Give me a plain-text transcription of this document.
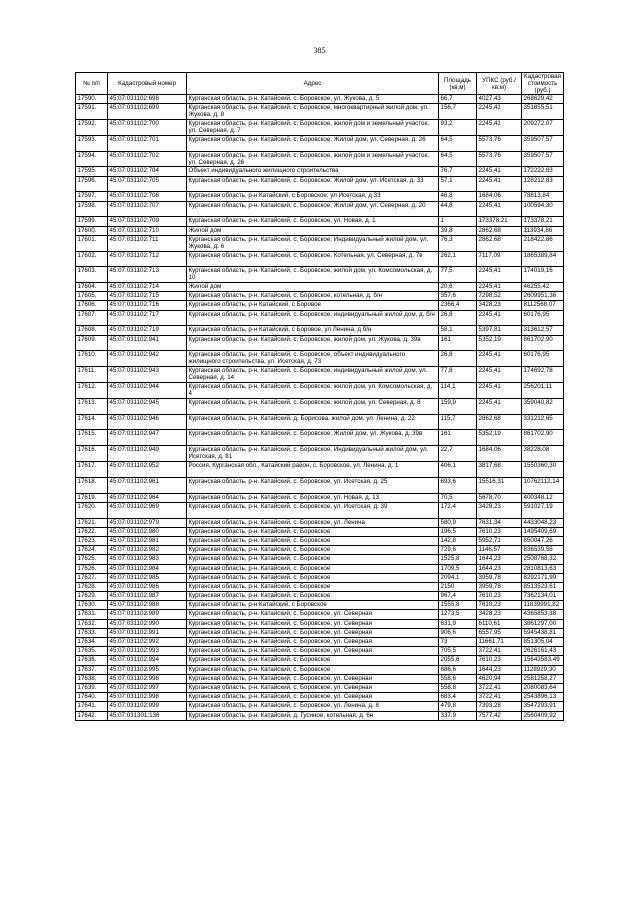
385
№ п/п	Кадастровый номер	Адрес	Площадь (кв.м)	УПКС (руб./кв.м)	Кадастровая стоимость (руб.)
17590.	45:07:031102:698	Курганская область, р-н. Катайский, с. Боровское, ул. Жукова, д. 5	66,7	4027,43	268629,42
17591.	45:07:031102:699	Курганская область, р-н. Катайский, с. Боровское, многоквартирный жилой дом, ул. Жукова, д. 8	156,7	2245,41	351855,51
17592.	45:07:031102:700	Курганская область, р-н. Катайский, с. Боровское, жилой дом и земельный участок, ул. Северная, д. 7	93,2	2245,41	209272,07
17593.	45:07:031102:701	Курганская область, р-н. Катайский, с. Боровское, Жилой дом, ул. Северная, д. 26	64,5	5573,76	359507,57
17594.	45:07:031102:702	Курганская область, р-н. Катайский, с. Боровское, жилой дом и земельный участок, ул. Северная, д. 26	64,5	5573,76	359507,57
17595.	45:07:031102:704	Объект индивидуального жилищного строительства	76,7	2245,41	172222,83
17596.	45:07:031102:705	Курганская область, р-н. Катайский, с. Боровское, Жилой дом, ул. Исетская, д. 33	57,1	2245,41	128212,83
17597.	45:07:031102:706	Курганская область, р-н Катайский, с Боровское, ул Исетская, д 33	46,8	1684,06	78813,84
17598.	45:07:031102:707	Курганская область, р-н. Катайский, с. Боровское, Жилой дом, ул. Северная, д. 20	44,8	2245,41	100594,30
17599.	45:07:031102:709	Курганская область, р-н. Катайский, с. Боровское, ул. Новая, д. 1	1	173378,21	173378,21
17600.	45:07:031102:710	Жилой дом	39,8	2862,68	113934,86
17601.	45:07:031102:711	Курганская область, р-н. Катайский, с. Боровское, Индивидуальный жилой дом, ул. Жукова, д. 6	76,3	2862,68	218422,86
17602.	45:07:031102:712	Курганская область, р-н. Катайский, с. Боровское, Котельная, ул. Северная, д. 7в	262,1	7117,09	1865389,84
17603.	45:07:031102:713	Курганская область, р-н. Катайский, с. Боровское, жилой дом, ул. Комсомольская, д. 10	77,5	2245,41	174019,16
17604.	45:07:031102:714	Жилой дом	20,6	2245,41	46255,42
17605.	45:07:031102:715	Курганская область, р-н. Катайский, с. Боровское, котельная, д. б/н	357,6	7298,52	2609951,36
17606.	45:07:031102:716	Курганская область, р-н Катайский, с Боровое	2366,4	3428,23	8112568,07
17607.	45:07:031102:717	Курганская область, р-н. Катайский, с. Боровское, индивидуальный жилой дом, д. б/н	26,8	2245,41	60176,95
17608.	45:07:031102:719	Курганская область, р-н Катайский, с Боровое, ул Ленина, д б/н	58,1	5397,81	313612,57
17609.	45:07:031102:941	Курганская область, р-н. Катайский, с. Боровское, жилой дом, ул. Жукова, д. 39в	161	5352,19	861702,90
17610.	45:07:031102:942	Курганская область, р-н. Катайский, с. Боровское, объект индивидуального жилищного строительства, ул. Исетская, д. 73	26,8	2245,41	60176,95
17611.	45:07:031102:943	Курганская область, р-н. Катайский, с. Боровское, индивидуальный жилой дом, ул. Северная, д. 14	77,8	2245,41	174692,78
17612.	45:07:031102:944	Курганская область, р-н. Катайский, с. Боровское, жилой дом, ул. Комсомольская, д. 4	114,1	2245,41	256201,11
17613.	45:07:031102:945	Курганская область, р-н. Катайский, с. Боровское, жилой дом, ул. Северная, д. 8	159,9	2245,41	359040,82
17614.	45:07:031102:946	Курганская область, р-н. Катайский, д. Борисова, жилой дом, ул. Ленина, д. 22	115,7	2862,68	331212,65
17615.	45:07:031102:947	Курганская область, р-н. Катайский, с. Боровское, Жилой дом, ул. Жукова, д. 39в	161	5352,19	861702,90
17616.	45:07:031102:949	Курганская область, р-н. Катайский, с. Боровское, Индивидуальный жилой дом, ул. Исетская, д. 81	22,7	1684,06	38228,08
17617.	45:07:031102:952	Россия, Курганская обл., Катайский район, с. Боровское, ул. Ленина, д. 1	406,1	3817,68	1550360,30
17618.	45:07:031102:961	Курганская область, р-н. Катайский, с. Боровское, ул. Исетская, д. 25	693,6	15516,31	10762112,14
17619.	45:07:031102:964	Курганская область, р-н. Катайский, с. Боровское, ул. Новая, д. 13	70,5	5678,70	400348,12
17620.	45:07:031102:969	Курганская область, р-н. Катайский, с. Боровское, ул. Исетская, д. 39	172,4	3428,23	591027,19
17621.	45:07:031102:979	Курганская область, р-н. Катайский, с. Боровское, ул. Ленина	580,9	7631,34	4433048,23
17622.	45:07:031102:980	Курганская область, р-н. Катайский, с. Боровское	196,5	7610,23	1495409,69
17623.	45:07:031102:981	Курганская область, р-н. Катайский, с. Боровское	142,8	5952,71	850047,26
17624.	45:07:031102:982	Курганская область, р-н. Катайский, с. Боровское	729,6	1146,57	836539,58
17625.	45:07:031102:983	Курганская область, р-н. Катайский, с. Боровское	1525,8	1644,23	2508768,32
17626.	45:07:031102:984	Курганская область, р-н. Катайский, с. Боровское	1709,5	1644,23	2810813,63
17627.	45:07:031102:985	Курганская область, р-н. Катайский, с. Боровское	2094,1	3959,78	8292171,99
17628.	45:07:031102:986	Курганская область, р-н. Катайский, с. Боровское	2150	3959,78	8513523,61
17629.	45:07:031102:987	Курганская область, р-н. Катайский, с. Боровское	967,4	7610,23	7362134,01
17630.	45:07:031102:988	Курганская область, р-н Катайский, с Боровское	1555,8	7610,23	11839991,82
17631.	45:07:031102:989	Курганская область, р-н. Катайский, с. Боровское, ул. Северная	1273,5	3428,23	4365853,38
17632.	45:07:031102:990	Курганская область, р-н. Катайский, с. Боровское, ул. Северная	631,9	6110,61	3861297,00
17633.	45:07:031102:991	Курганская область, р-н. Катайский, с. Боровское, ул. Северная	906,6	6557,95	5945438,81
17634.	45:07:031102:992	Курганская область, р-н. Катайский, с. Боровское, ул. Северная	73	11661,71	851305,04
17635.	45:07:031102:993	Курганская область, р-н. Катайский, с. Боровское, ул. Северная	705,5	3722,41	2626161,43
17636.	45:07:031102:994	Курганская область, р-н. Катайский, с. Боровское	2055,6	7610,23	15643583,49
17637.	45:07:031102:995	Курганская область, р-н. Катайский, с. Боровское	686,6	1644,23	1128929,30
17638.	45:07:031102:996	Курганская область, р-н. Катайский, с. Боровское, ул. Северная	558,6	4620,94	2581258,27
17639.	45:07:031102:997	Курганская область, р-н. Катайский, с. Боровское, ул. Северная	558,8	3722,41	2080083,64
17640.	45:07:031102:998	Курганская область, р-н. Катайский, с. Боровское, ул. Северная	683,4	3722,41	2543896,13
17641.	45:07:031102:999	Курганская область, р-н. Катайский, с. Боровское, ул. Ленина, д. 8	479,8	7393,28	3547293,91
17642.	45:07:031301:136	Курганская область, р-н. Катайский, д. Гусиное, котельная, д. 6н	337,9	7577,42	2560409,92
